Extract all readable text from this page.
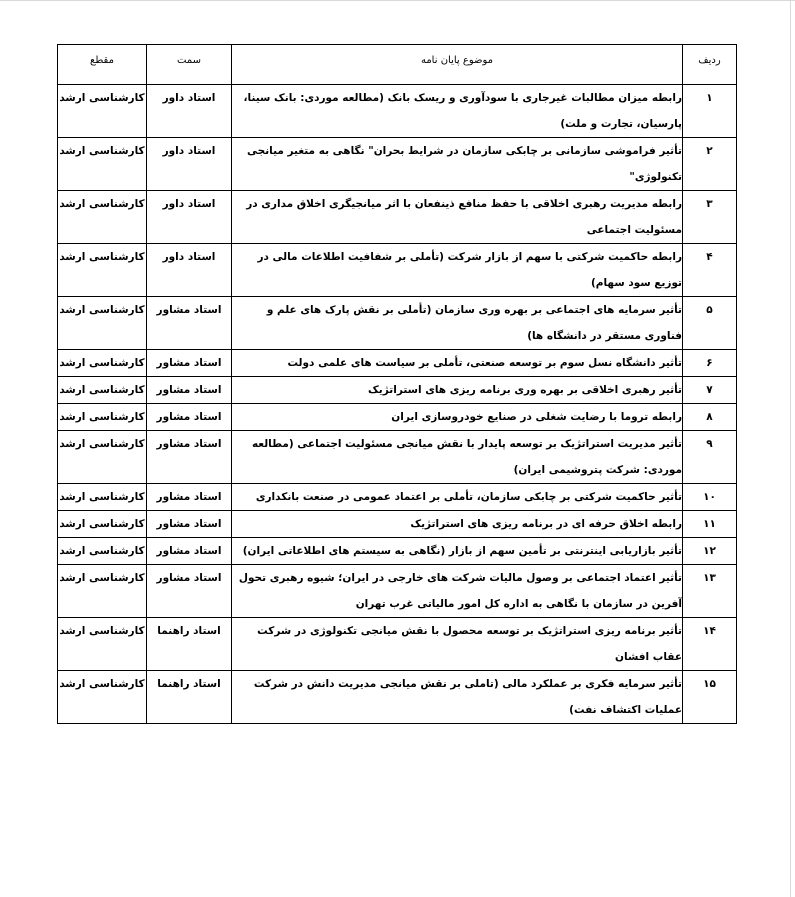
ردیف	موضوع پایان نامه	سمت	مقطع
۱	رابطه میزان مطالبات غیرجاری با سودآوری و ریسک بانک (مطالعه موردی: بانک سینا، پارسیان، تجارت و ملت)	استاد داور	کارشناسی ارشد
۲	تأثیر فراموشی سازمانی بر چابکی سازمان در شرایط بحران" نگاهی به متغیر میانجی تکنولوژی"	استاد داور	کارشناسی ارشد
۳	رابطه مدیریت رهبری اخلاقی با حفظ منافع ذینفعان با اثر میانجیگری اخلاق مداری در مسئولیت اجتماعی	استاد داور	کارشناسی ارشد
۴	رابطه حاکمیت شرکتی با سهم از بازار شرکت (تأملی بر شفافیت اطلاعات مالی در توزیع سود سهام)	استاد داور	کارشناسی ارشد
۵	تأثیر سرمایه های اجتماعی بر بهره وری سازمان (تأملی بر نقش پارک های علم و فناوری مستقر در دانشگاه ها)	استاد مشاور	کارشناسی ارشد
۶	تأثیر دانشگاه نسل سوم بر توسعه صنعتی، تأملی بر سیاست های علمی دولت	استاد مشاور	کارشناسی ارشد
۷	تأثیر رهبری اخلاقی بر بهره وری برنامه ریزی های استراتژیک	استاد مشاور	کارشناسی ارشد
۸	رابطه تروما با رضایت شغلی در صنایع خودروسازی ایران	استاد مشاور	کارشناسی ارشد
۹	تأثیر مدیریت استراتژیک بر توسعه پایدار با نقش میانجی مسئولیت اجتماعی (مطالعه موردی: شرکت پتروشیمی ایران)	استاد مشاور	کارشناسی ارشد
۱۰	تأثیر حاکمیت شرکتی بر چابکی سازمان، تأملی بر اعتماد عمومی در صنعت بانکداری	استاد مشاور	کارشناسی ارشد
۱۱	رابطه اخلاق حرفه ای در برنامه ریزی های استراتژیک	استاد مشاور	کارشناسی ارشد
۱۲	تأثیر بازاریابی اینترنتی بر تأمین سهم از بازار (نگاهی به سیستم های اطلاعاتی ایران)	استاد مشاور	کارشناسی ارشد
۱۳	تأثیر اعتماد اجتماعی بر وصول مالیات شرکت های خارجی در ایران؛ شیوه رهبری تحول آفرین در سازمان با نگاهی به اداره کل امور مالیاتی غرب تهران	استاد مشاور	کارشناسی ارشد
۱۴	تأثیر برنامه ریزی استراتژیک بر توسعه محصول با نقش میانجی تکنولوژی در شرکت عقاب افشان	استاد راهنما	کارشناسی ارشد
۱۵	تأثیر سرمایه فکری بر عملکرد مالی (تاملی بر نقش میانجی مدیریت دانش در شرکت عملیات اکتشاف نفت)	استاد راهنما	کارشناسی ارشد
